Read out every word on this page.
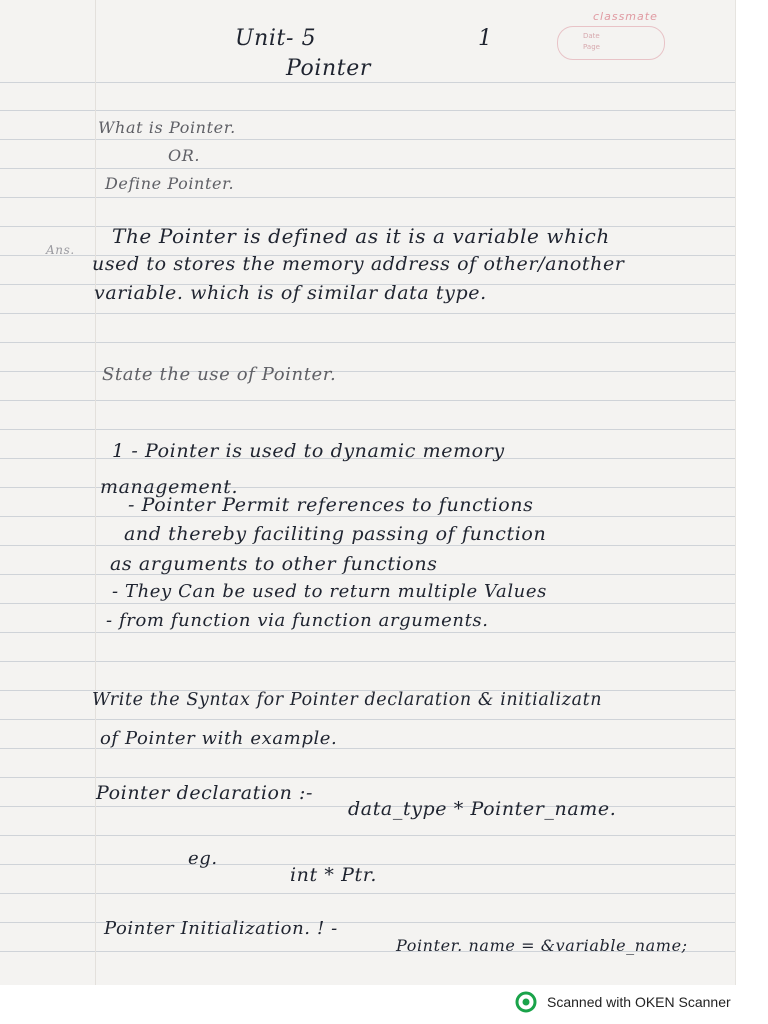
classmate
Date
Page
Unit- 5	1
Pointer
What is Pointer.
OR.
Define Pointer.
Ans.
The Pointer is defined as it is a variable which
used to stores the memory address of other/another
variable. which is of similar data type.
State the use of Pointer.
1 - Pointer is used to dynamic memory
management.
- Pointer Permit references to functions
and thereby faciliting passing of function
as arguments to other functions
- They Can be used to return multiple Values
- from function via function arguments.
Write the Syntax for Pointer declaration & initializatn
of Pointer with example.
Pointer declaration :-
data_type * Pointer_name.
eg.
int * Ptr.
Pointer Initialization. ! -
Pointer. name = &variable_name;
Scanned with OKEN Scanner
